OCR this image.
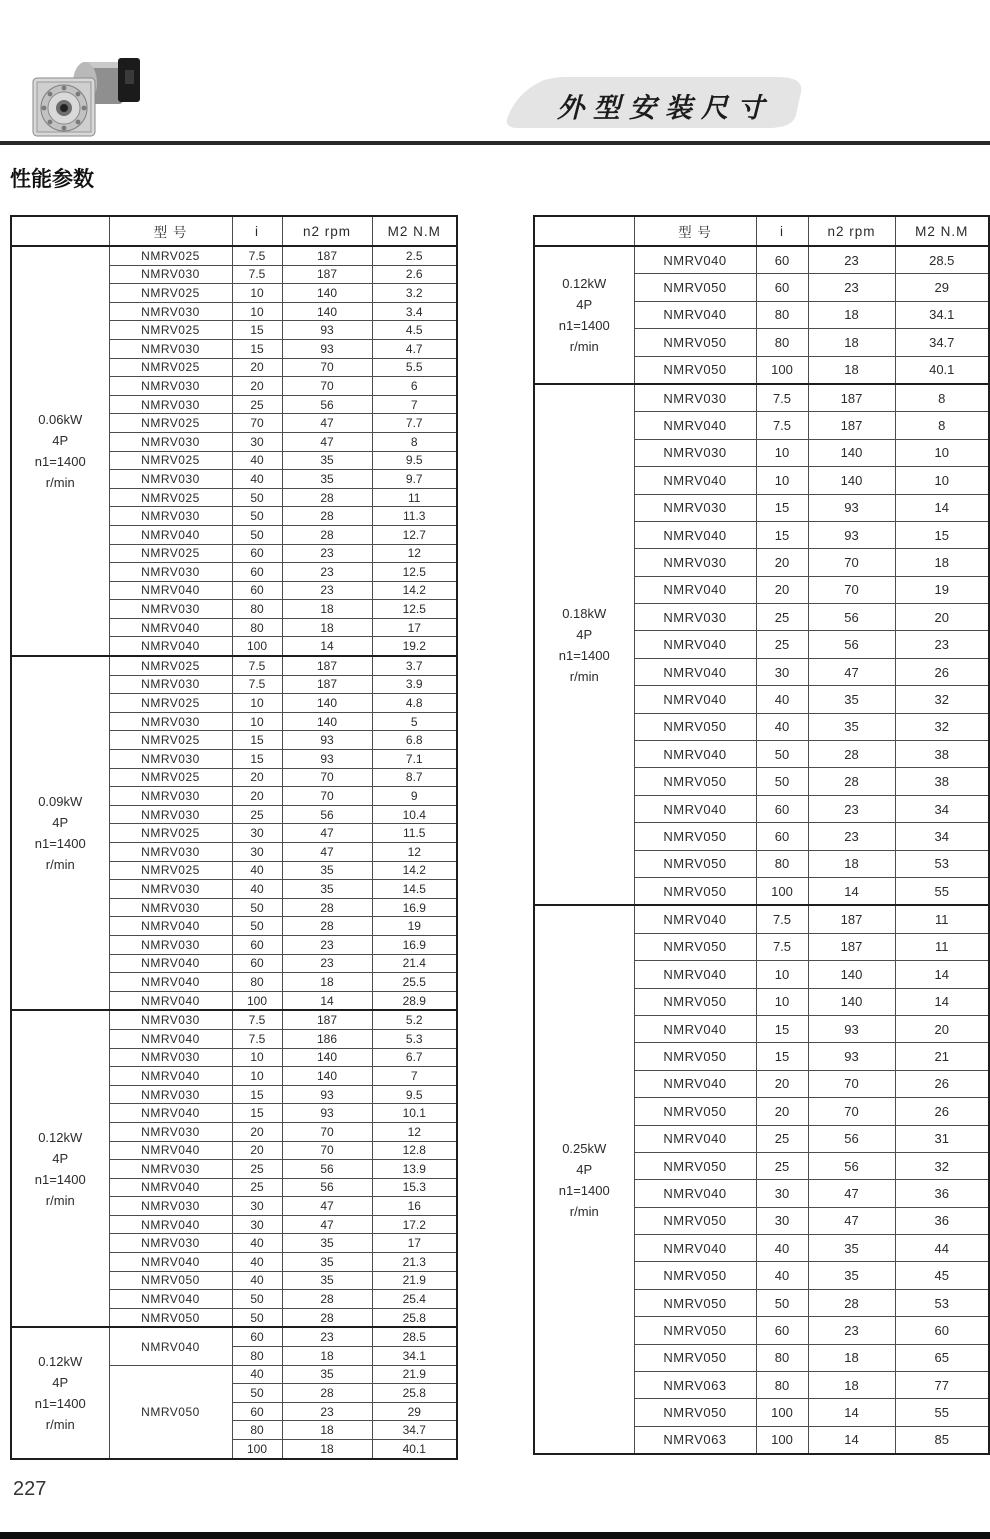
外型安装尺寸
性能参数
	型 号	i	n2 rpm	M2 N.M

0.06kW
4P
n1=1400
r/min	NMRV025	7.5	187	2.5
	NMRV030	7.5	187	2.6
	NMRV025	10	140	3.2
	NMRV030	10	140	3.4
	NMRV025	15	93	4.5
	NMRV030	15	93	4.7
	NMRV025	20	70	5.5
	NMRV030	20	70	6
	NMRV030	25	56	7
	NMRV025	70	47	7.7
	NMRV030	30	47	8
	NMRV025	40	35	9.5
	NMRV030	40	35	9.7
	NMRV025	50	28	11
	NMRV030	50	28	11.3
	NMRV040	50	28	12.7
	NMRV025	60	23	12
	NMRV030	60	23	12.5
	NMRV040	60	23	14.2
	NMRV030	80	18	12.5
	NMRV040	80	18	17
	NMRV040	100	14	19.2

0.09kW
4P
n1=1400
r/min	NMRV025	7.5	187	3.7
	NMRV030	7.5	187	3.9
	NMRV025	10	140	4.8
	NMRV030	10	140	5
	NMRV025	15	93	6.8
	NMRV030	15	93	7.1
	NMRV025	20	70	8.7
	NMRV030	20	70	9
	NMRV030	25	56	10.4
	NMRV025	30	47	11.5
	NMRV030	30	47	12
	NMRV025	40	35	14.2
	NMRV030	40	35	14.5
	NMRV030	50	28	16.9
	NMRV040	50	28	19
	NMRV030	60	23	16.9
	NMRV040	60	23	21.4
	NMRV040	80	18	25.5
	NMRV040	100	14	28.9

0.12kW
4P
n1=1400
r/min	NMRV030	7.5	187	5.2
	NMRV040	7.5	186	5.3
	NMRV030	10	140	6.7
	NMRV040	10	140	7
	NMRV030	15	93	9.5
	NMRV040	15	93	10.1
	NMRV030	20	70	12
	NMRV040	20	70	12.8
	NMRV030	25	56	13.9
	NMRV040	25	56	15.3
	NMRV030	30	47	16
	NMRV040	30	47	17.2
	NMRV030	40	35	17
	NMRV040	40	35	21.3
	NMRV050	40	35	21.9
	NMRV040	50	28	25.4
	NMRV050	50	28	25.8

0.12kW
4P
n1=1400
r/min	NMRV040	60	23	28.5
		80	18	34.1
	NMRV050	40	35	21.9
		50	28	25.8
		60	23	29
		80	18	34.7
		100	18	40.1
	型 号	i	n2 rpm	M2 N.M

0.12kW
4P
n1=1400
r/min	NMRV040	60	23	28.5
	NMRV050	60	23	29
	NMRV040	80	18	34.1
	NMRV050	80	18	34.7
	NMRV050	100	18	40.1

0.18kW
4P
n1=1400
r/min	NMRV030	7.5	187	8
	NMRV040	7.5	187	8
	NMRV030	10	140	10
	NMRV040	10	140	10
	NMRV030	15	93	14
	NMRV040	15	93	15
	NMRV030	20	70	18
	NMRV040	20	70	19
	NMRV030	25	56	20
	NMRV040	25	56	23
	NMRV040	30	47	26
	NMRV040	40	35	32
	NMRV050	40	35	32
	NMRV040	50	28	38
	NMRV050	50	28	38
	NMRV040	60	23	34
	NMRV050	60	23	34
	NMRV050	80	18	53
	NMRV050	100	14	55

0.25kW
4P
n1=1400
r/min	NMRV040	7.5	187	11
	NMRV050	7.5	187	11
	NMRV040	10	140	14
	NMRV050	10	140	14
	NMRV040	15	93	20
	NMRV050	15	93	21
	NMRV040	20	70	26
	NMRV050	20	70	26
	NMRV040	25	56	31
	NMRV050	25	56	32
	NMRV040	30	47	36
	NMRV050	30	47	36
	NMRV040	40	35	44
	NMRV050	40	35	45
	NMRV050	50	28	53
	NMRV050	60	23	60
	NMRV050	80	18	65
	NMRV063	80	18	77
	NMRV050	100	14	55
	NMRV063	100	14	85
227
